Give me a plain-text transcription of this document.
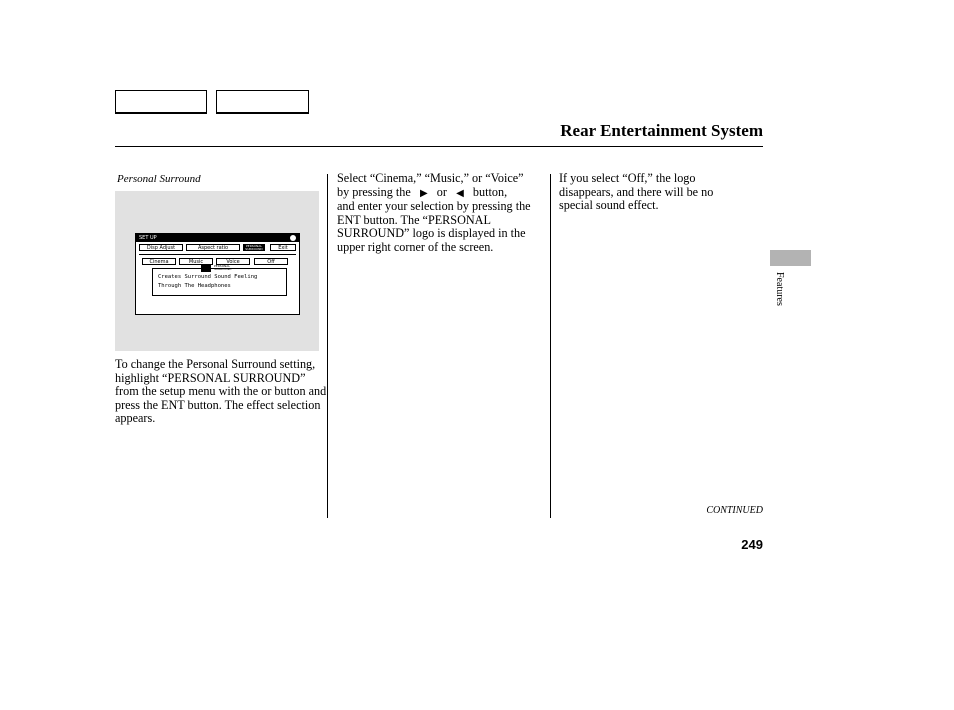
Rear Entertainment System
Personal Surround
SET UP
Disp Adjust	Aspect ratio	PERSONAL SURROUND	Exit
Cinema	Music	Voice	Off
PERSONAL SURROUND
Creates Surround Sound Feeling
Through The Headphones
To change the Personal Surround setting, highlight “PERSONAL SURROUND” from the setup menu with the or button and press the ENT button. The effect selection appears.
Select “Cinema,” “Music,” or “Voice”
by pressing the ▶ or ◀ button,
and enter your selection by pressing the ENT button. The “PERSONAL SURROUND” logo is displayed in the upper right corner of the screen.
If you select “Off,” the logo disappears, and there will be no special sound effect.
Features
CONTINUED
249
